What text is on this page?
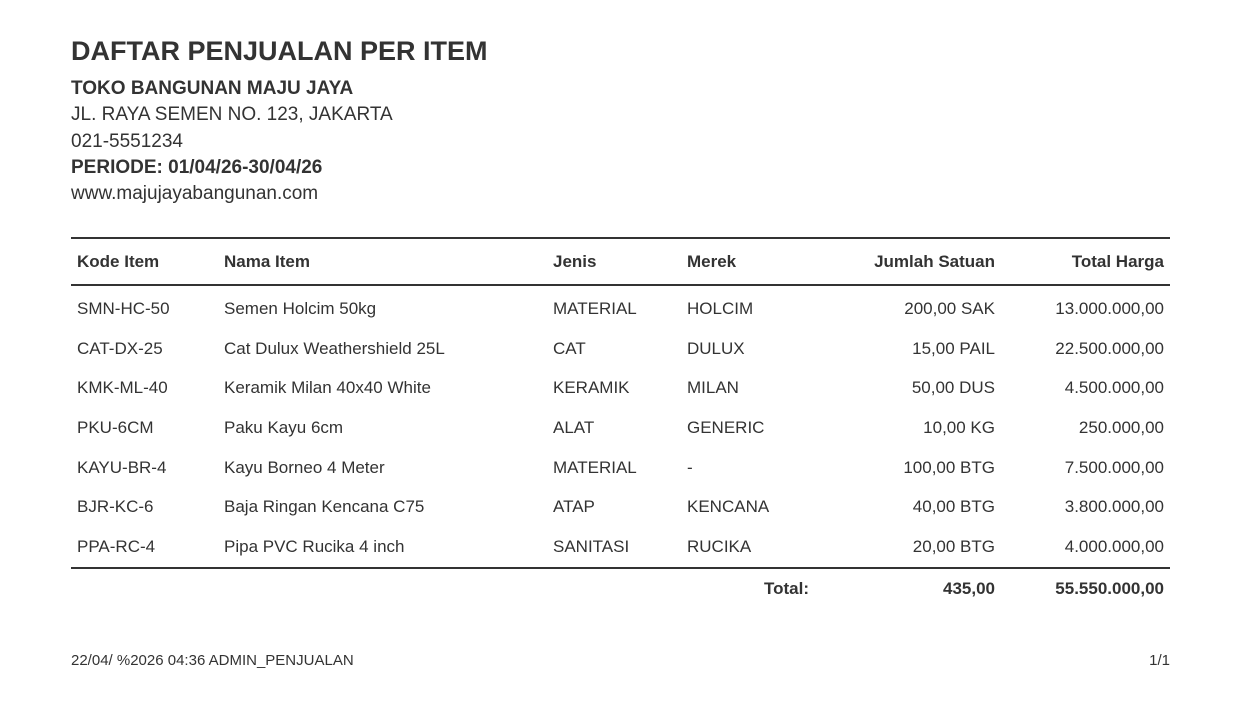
DAFTAR PENJUALAN PER ITEM
TOKO BANGUNAN MAJU JAYA
JL. RAYA SEMEN NO. 123, JAKARTA
021-5551234
PERIODE: 01/04/26-30/04/26
www.majujayabangunan.com
Kode Item	Nama Item	Jenis	Merek	Jumlah Satuan	Total Harga
SMN-HC-50	Semen Holcim 50kg	MATERIAL	HOLCIM	200,00 SAK	13.000.000,00
CAT-DX-25	Cat Dulux Weathershield 25L	CAT	DULUX	15,00 PAIL	22.500.000,00
KMK-ML-40	Keramik Milan 40x40 White	KERAMIK	MILAN	50,00 DUS	4.500.000,00
PKU-6CM	Paku Kayu 6cm	ALAT	GENERIC	10,00 KG	250.000,00
KAYU-BR-4	Kayu Borneo 4 Meter	MATERIAL	-	100,00 BTG	7.500.000,00
BJR-KC-6	Baja Ringan Kencana C75	ATAP	KENCANA	40,00 BTG	3.800.000,00
PPA-RC-4	Pipa PVC Rucika 4 inch	SANITASI	RUCIKA	20,00 BTG	4.000.000,00
Total:				435,00	55.550.000,00
22/04/ %2026 04:36 ADMIN_PENJUALAN	1/1
